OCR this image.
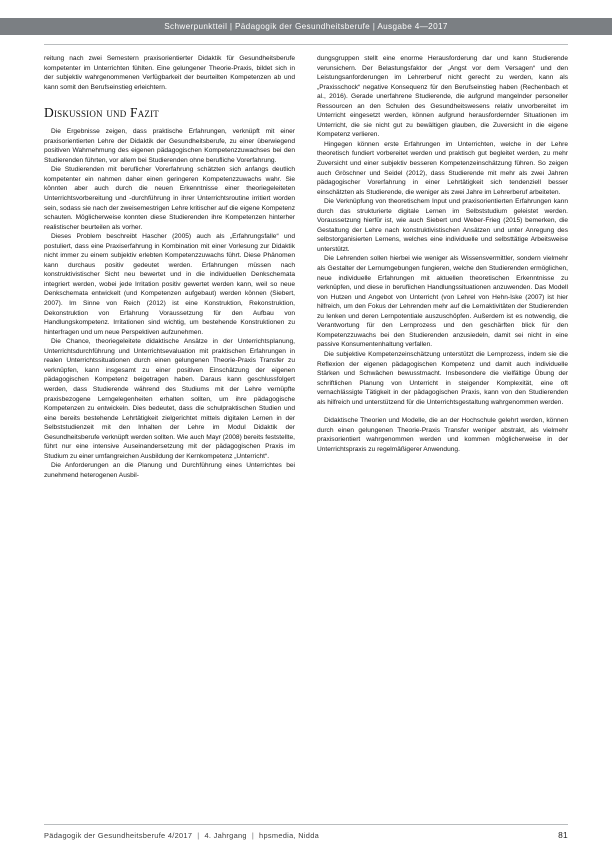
Schwerpunktteil | Pädagogik der Gesundheitsberufe | Ausgabe 4—2017

reitung nach zwei Semestern praxisorientierter Didaktik für Gesundheitsberufe kompetenter im Unterrichten fühlten. Eine gelungener Theorie-Praxis, bildet sich in der subjektiv wahrgenommenen Verfügbarkeit der beurteilten Kompetenzen ab und kann somit den Berufseinstieg erleichtern.

Diskussion und Fazit

Die Ergebnisse zeigen, dass praktische Erfahrungen, verknüpft mit einer praxisorientierten Lehre der Didaktik der Gesundheitsberufe, zu einer überwiegend positiven Wahrnehmung des eigenen pädagogischen Kompetenzzuwachses bei den Studierenden führten, vor allem bei Studierenden ohne berufliche Vorerfahrung.

Die Studierenden mit beruflicher Vorerfahrung schätzten sich anfangs deutlich kompetenter ein nahmen daher einen geringeren Kompetenzzuwachs wahr. Sie könnten aber auch durch die neuen Erkenntnisse einer theoriegeleiteten Unterrichtsvorbereitung und -durchführung in ihrer Unterrichtsroutine irritiert worden sein, sodass sie nach der zweisemestrigen Lehre kritischer auf die eigene Kompetenz schauten. Möglicherweise konnten diese Studierenden ihre Kompetenzen hinterher realistischer beurteilen als vorher.

Dieses Problem beschreibt Hascher (2005) auch als „Erfahrungsfalle“ und postuliert, dass eine Praxiserfahrung in Kombination mit einer Vorlesung zur Didaktik nicht immer zu einem subjektiv erlebten Kompetenzzuwachs führt. Diese Phänomen kann durchaus positiv gedeutet werden. Erfahrungen müssen nach konstruktivistischer Sicht neu bewertet und in die individuellen Denkschemata integriert werden, wobei jede Irritation positiv gewertet werden kann, weil so neue Denkschemata entwickelt (und Kompetenzen aufgebaut) werden können (Siebert, 2007). Im Sinne von Reich (2012) ist eine Konstruktion, Rekonstruktion, Dekonstruktion von Erfahrung Voraussetzung für den Aufbau von Handlungskompetenz. Irritationen sind wichtig, um bestehende Konstruktionen zu hinterfragen und um neue Perspektiven aufzunehmen.

Die Chance, theoriegeleitete didaktische Ansätze in der Unterrichtsplanung, Unterrichtsdurchführung und Unterrichtsevaluation mit praktischen Erfahrungen in realen Unterrichtssituationen durch einen gelungenen Theorie-Praxis Transfer zu verknüpfen, kann insgesamt zu einer positiven Einschätzung der eigenen pädagogischen Kompetenz beigetragen haben. Daraus kann geschlussfolgert werden, dass Studierende während des Studiums mit der Lehre vernüpfte praxisbezogene Lerngelegenheiten erhalten sollten, um ihre pädagogische Kompetenzen zu entwickeln. Dies bedeutet, dass die schulpraktischen Studien und eine bereits bestehende Lehrtätigkeit zielgerichtet mittels digitalen Lernen in der Selbststudienzeit mit den Inhalten der Lehre im Modul Didaktik der Gesundheitsberufe verknüpft werden sollten. Wie auch Mayr (2008) bereits feststellte, führt nur eine intensive Auseinandersetzung mit der pädagogischen Praxis im Studium zu einer umfangreichen Ausbildung der Kernkompetenz „Unterricht“.

Die Anforderungen an die Planung und Durchführung eines Unterrichtes bei zunehmend heterogenen Ausbil-

dungsgruppen stellt eine enorme Herausforderung dar und kann Studierende verunsichern. Der Belastungsfaktor der „Angst vor dem Versagen“ und den Leistungsanforderungen im Lehrerberuf nicht gerecht zu werden, kann als „Praxisschock“ negative Konsequenz für den Berufseinstieg haben (Rechenbach et al., 2016). Gerade unerfahrene Studierende, die aufgrund mangelnder personeller Ressourcen an den Schulen des Gesundheitswesens relativ unvorbereitet im Unterricht eingesetzt werden, können aufgrund herausfordernder Situationen im Unterricht, die sie nicht gut zu bewältigen glauben, die Zuversicht in die eigene Kompetenz verlieren.

Hingegen können erste Erfahrungen im Unterrichten, welche in der Lehre theoretisch fundiert vorbereitet werden und praktisch gut begleitet werden, zu mehr Zuversicht und einer subjektiv besseren Kompetenzeinschätzung führen. So zeigen auch Gröschner und Seidel (2012), dass Studierende mit mehr als zwei Jahren pädagogischer Vorerfahrung in einer Lehrtätigkeit sich tendenziell besser einschätzten als Studierende, die weniger als zwei Jahre im Lehrerberuf arbeiteten.

Die Verknüpfung von theoretischem Input und praxisorientierten Erfahrungen kann durch das strukturierte digitale Lernen im Selbststudium geleistet werden. Voraussetzung hierfür ist, wie auch Siebert und Weber-Frieg (2015) bemerken, die Gestaltung der Lehre nach konstruktivistischen Ansätzen und unter Anregung des selbstorganisierten Lernens, welches eine individuelle und selbsttätige Arbeitsweise unterstützt.

Die Lehrenden sollen hierbei wie weniger als Wissensvermittler, sondern vielmehr als Gestalter der Lernumgebungen fungieren, welche den Studierenden ermöglichen, neue individuelle Erfahrungen mit aktuellen theoretischen Erkenntnisse zu verknüpfen, und diese in beruflichen Handlungssituationen anzuwenden. Das Modell von Hutzen und Angebot von Unterricht (von Lehrel von Hehn-Iske (2007) ist hier hilfreich, um den Fokus der Lehrenden mehr auf die Lernaktivitäten der Studierenden zu lenken und deren Lernpotentiale auszuschöpfen. Außerdem ist es notwendig, die Verantwortung für den Lernprozess und den geschärften blick für den Kompetenzzuwachs bei den Studierenden anzusiedeln, damit sei nicht in eine passive Konsumentenhaltung verfallen.

Die subjektive Kompetenzeinschätzung unterstützt die Lernprozess, indem sie die Reflexion der eigenen pädagogischen Kompetenz und damit auch individuelle Stärken und Schwächen bewusstmacht. Insbesondere die vielfältige Übung der schriftlichen Planung von Unterricht in steigender Komplexität, eine oft vernachlässigte Tätigkeit in der pädagogischen Praxis, kann von den Studierenden als hilfreich und unterstützend für die Unterrichtsgestaltung wahrgenommen werden.

Didaktische Theorien und Modelle, die an der Hochschule gelehrt werden, können durch einen gelungenen Theorie-Praxis Transfer weniger abstrakt, als vielmehr praxisorientiert wahrgenommen werden und kommen möglicherweise in der Unterrichtspraxis zu regelmäßigerer Anwendung.

Pädagogik der Gesundheitsberufe 4/2017 | 4. Jahrgang | hpsmedia, Nidda	81
